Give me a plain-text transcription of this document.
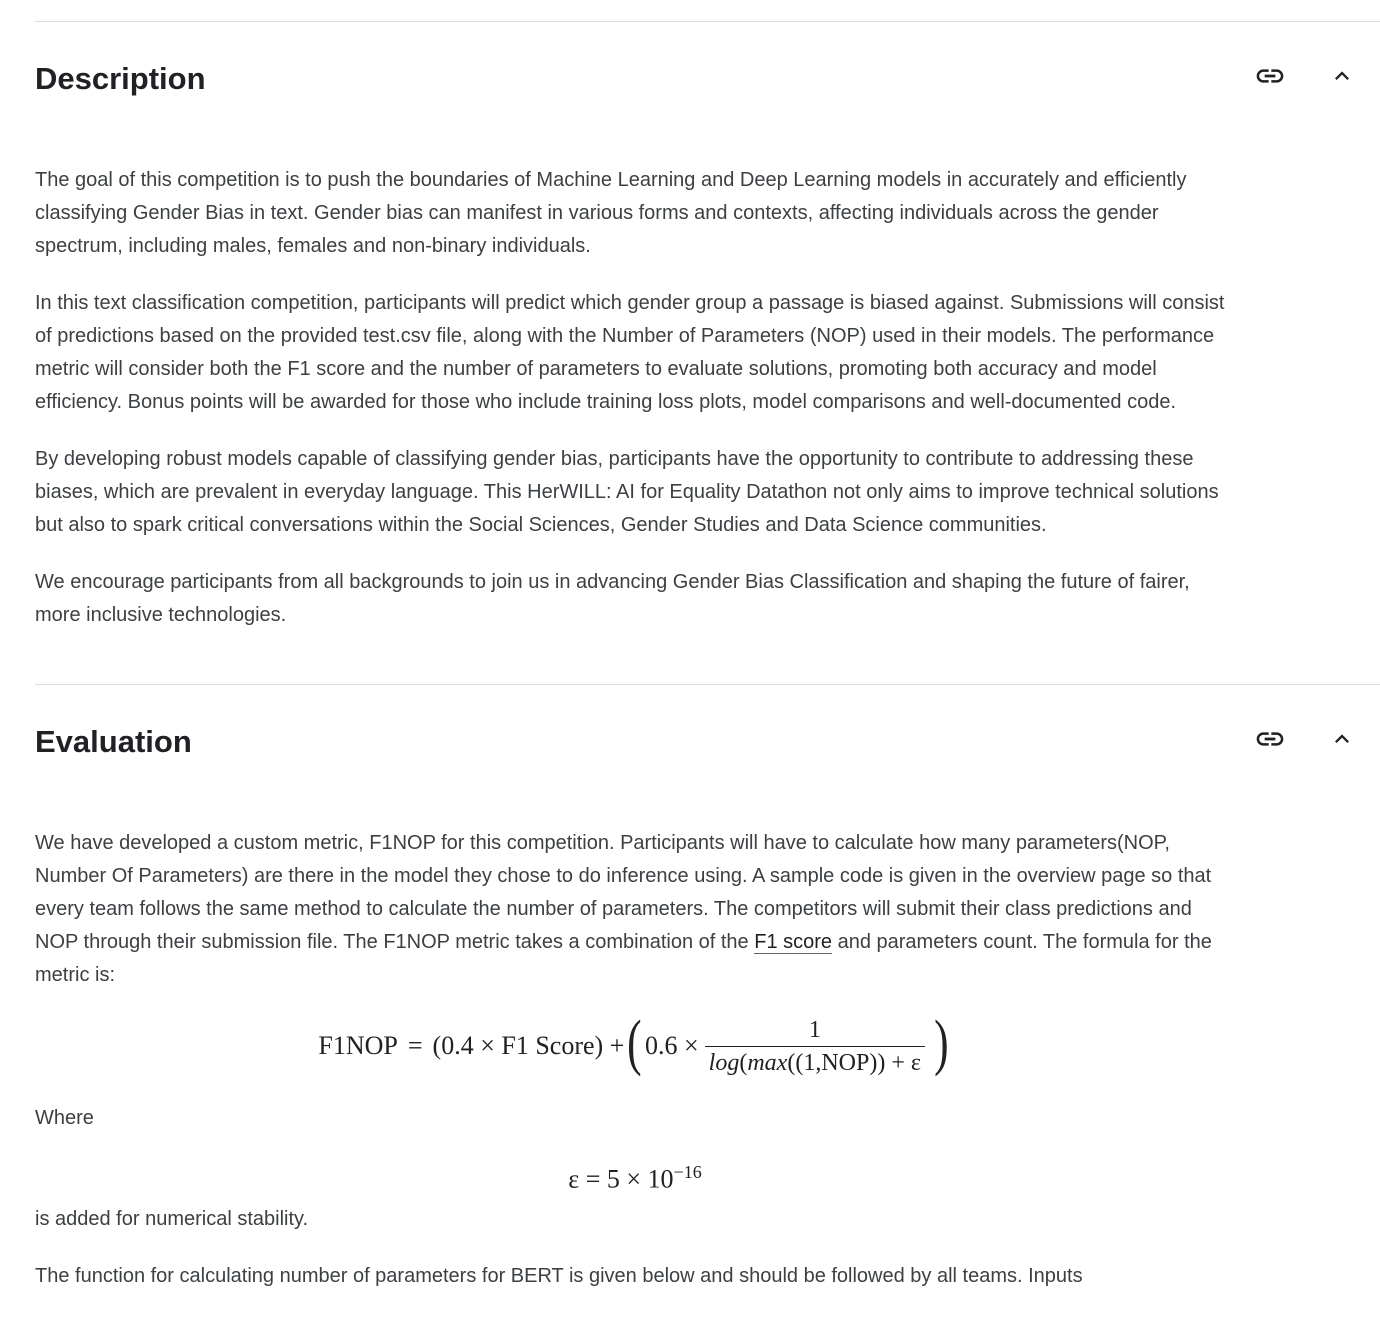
Description

The goal of this competition is to push the boundaries of Machine Learning and Deep Learning models in accurately and efficiently classifying Gender Bias in text. Gender bias can manifest in various forms and contexts, affecting individuals across the gender spectrum, including males, females and non-binary individuals.

In this text classification competition, participants will predict which gender group a passage is biased against. Submissions will consist of predictions based on the provided test.csv file, along with the Number of Parameters (NOP) used in their models. The performance metric will consider both the F1 score and the number of parameters to evaluate solutions, promoting both accuracy and model efficiency. Bonus points will be awarded for those who include training loss plots, model comparisons and well-documented code.

By developing robust models capable of classifying gender bias, participants have the opportunity to contribute to addressing these biases, which are prevalent in everyday language. This HerWILL: AI for Equality Datathon not only aims to improve technical solutions but also to spark critical conversations within the Social Sciences, Gender Studies and Data Science communities.

We encourage participants from all backgrounds to join us in advancing Gender Bias Classification and shaping the future of fairer, more inclusive technologies.

Evaluation

We have developed a custom metric, F1NOP for this competition. Participants will have to calculate how many parameters(NOP, Number Of Parameters) are there in the model they chose to do inference using. A sample code is given in the overview page so that every team follows the same method to calculate the number of parameters. The competitors will submit their class predictions and NOP through their submission file. The F1NOP metric takes a combination of the F1 score and parameters count. The formula for the metric is:

F1NOP = (0.4 × F1 Score) + ( $0.6 \times \frac{1}{\text{log(max((1,NOP)) + ε}}$ )

Where

$\varepsilon = 5 \times 10^{-16}$

is added for numerical stability.

The function for calculating number of parameters for BERT is given below and should be followed by all teams. Inputs
